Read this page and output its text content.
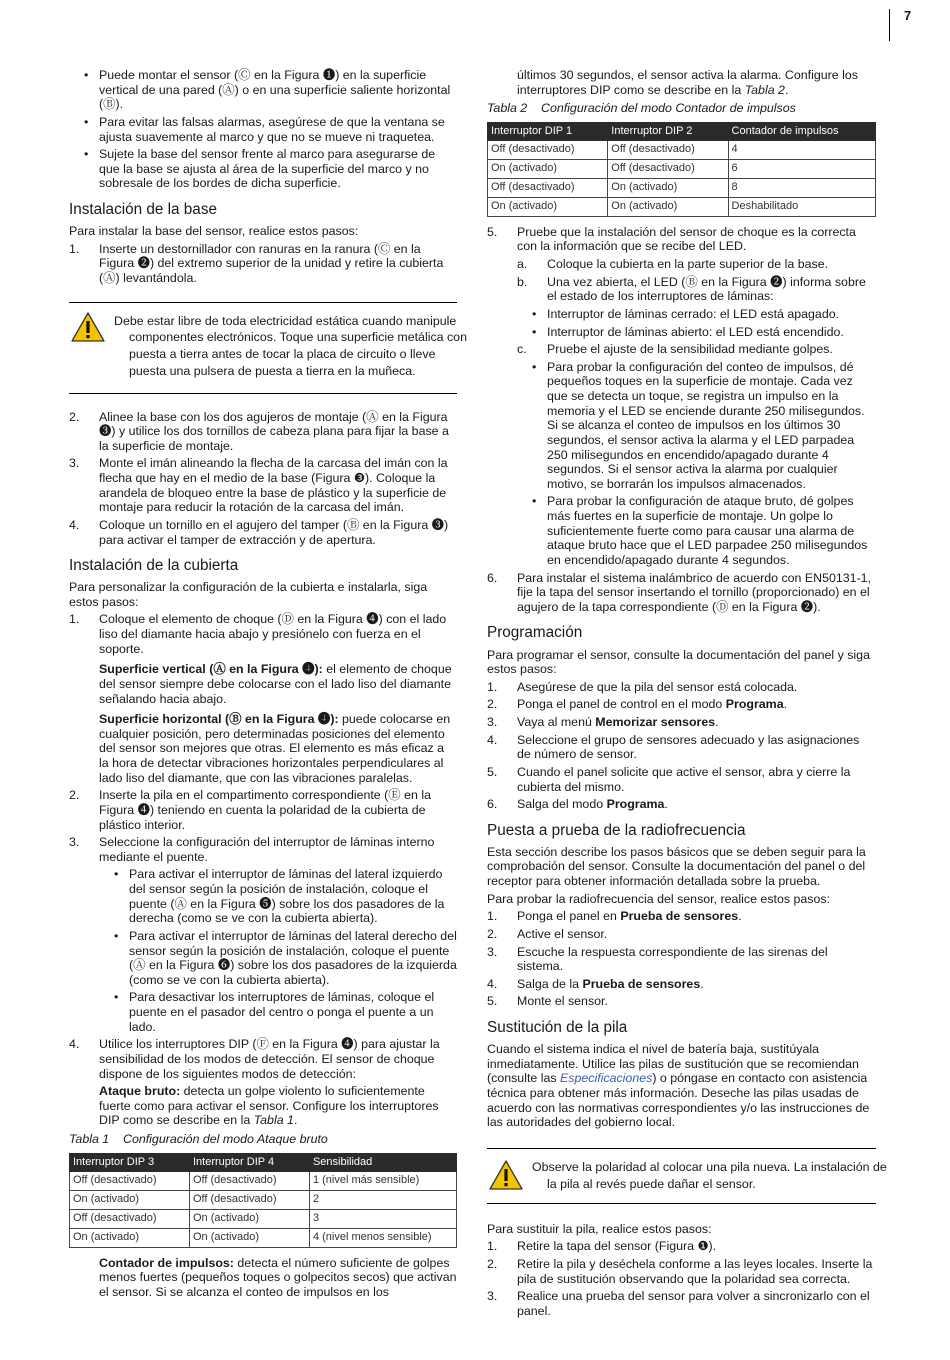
7
• Puede montar el sensor (Ⓒ en la Figura ❶) en la superficie vertical de una pared (Ⓐ) o en una superficie saliente horizontal (Ⓑ).
• Para evitar las falsas alarmas, asegúrese de que la ventana se ajusta suavemente al marco y que no se mueve ni traquetea.
• Sujete la base del sensor frente al marco para asegurarse de que la base se ajusta al área de la superficie del marco y no sobresale de los bordes de dicha superficie.
Instalación de la base

Para instalar la base del sensor, realice estos pasos:

1. Inserte un destornillador con ranuras en la ranura (Ⓒ en la Figura ❷) del extremo superior de la unidad y retire la cubierta (Ⓐ) levantándola.
Debe estar libre de toda electricidad estática cuando manipule componentes electrónicos. Toque una superficie metálica con puesta a tierra antes de tocar la placa de circuito o lleve puesta una pulsera de puesta a tierra en la muñeca.
2. Alinee la base con los dos agujeros de montaje (Ⓐ en la Figura ❸) y utilice los dos tornillos de cabeza plana para fijar la base a la superficie de montaje.
3. Monte el imán alineando la flecha de la carcasa del imán con la flecha que hay en el medio de la base (Figura ❸). Coloque la arandela de bloqueo entre la base de plástico y la superficie de montaje para reducir la rotación de la carcasa del imán.
4. Coloque un tornillo en el agujero del tamper (Ⓑ en la Figura ❸) para activar el tamper de extracción y de apertura.
Instalación de la cubierta

Para personalizar la configuración de la cubierta e instalarla, siga estos pasos:

1. Coloque el elemento de choque (Ⓓ en la Figura ❹) con el lado liso del diamante hacia abajo y presiónelo con fuerza en el soporte.

Superficie vertical (Ⓐ en la Figura ❹): el elemento de choque del sensor siempre debe colocarse con el lado liso del diamante señalando hacia abajo.

Superficie horizontal (Ⓑ en la Figura ❹): puede colocarse en cualquier posición, pero determinadas posiciones del elemento del sensor son mejores que otras. El elemento es más eficaz a la hora de detectar vibraciones horizontales perpendiculares al lado liso del diamante, que con las vibraciones paralelas.

2. Inserte la pila en el compartimento correspondiente (Ⓔ en la Figura ❹) teniendo en cuenta la polaridad de la cubierta de plástico interior.
3. Seleccione la configuración del interruptor de láminas interno mediante el puente.
• Para activar el interruptor de láminas del lateral izquierdo del sensor según la posición de instalación, coloque el puente (Ⓐ en la Figura ❺) sobre los dos pasadores de la derecha (como se ve con la cubierta abierta).
• Para activar el interruptor de láminas del lateral derecho del sensor según la posición de instalación, coloque el puente (Ⓐ en la Figura ❻) sobre los dos pasadores de la izquierda (como se ve con la cubierta abierta).
• Para desactivar los interruptores de láminas, coloque el puente en el pasador del centro o ponga el puente a un lado.
4. Utilice los interruptores DIP (Ⓕ en la Figura ❹) para ajustar la sensibilidad de los modos de detección. El sensor de choque dispone de los siguientes modos de detección:

Ataque bruto: detecta un golpe violento lo suficientemente fuerte como para activar el sensor. Configure los interruptores DIP como se describe en la Tabla 1.

Tabla 1 Configuración del modo Ataque bruto
Interruptor DIP 3	Interruptor DIP 4	Sensibilidad
Off (desactivado)	Off (desactivado)	1 (nivel más sensible)
On (activado)	Off (desactivado)	2
Off (desactivado)	On (activado)	3
On (activado)	On (activado)	4 (nivel menos sensible)

Contador de impulsos: detecta el número suficiente de golpes menos fuertes (pequeños toques o golpecitos secos) que activan el sensor. Si se alcanza el conteo de impulsos en los

últimos 30 segundos, el sensor activa la alarma. Configure los interruptores DIP como se describe en la Tabla 2.

Tabla 2 Configuración del modo Contador de impulsos
Interruptor DIP 1	Interruptor DIP 2	Contador de impulsos
Off (desactivado)	Off (desactivado)	4
On (activado)	Off (desactivado)	6
Off (desactivado)	On (activado)	8
On (activado)	On (activado)	Deshabilitado
5. Pruebe que la instalación del sensor de choque es la correcta con la información que se recibe del LED.
a. Coloque la cubierta en la parte superior de la base.
b. Una vez abierta, el LED (Ⓑ en la Figura ❷) informa sobre el estado de los interruptores de láminas:
• Interruptor de láminas cerrado: el LED está apagado.
• Interruptor de láminas abierto: el LED está encendido.
c. Pruebe el ajuste de la sensibilidad mediante golpes.
• Para probar la configuración del conteo de impulsos, dé pequeños toques en la superficie de montaje. Cada vez que se detecta un toque, se registra un impulso en la memoria y el LED se enciende durante 250 milisegundos. Si se alcanza el conteo de impulsos en los últimos 30 segundos, el sensor activa la alarma y el LED parpadea 250 milisegundos en encendido/apagado durante 4 segundos. Si el sensor activa la alarma por cualquier motivo, se borrarán los impulsos almacenados.
• Para probar la configuración de ataque bruto, dé golpes más fuertes en la superficie de montaje. Un golpe lo suficientemente fuerte como para causar una alarma de ataque bruto hace que el LED parpadee 250 milisegundos en encendido/apagado durante 4 segundos.
6. Para instalar el sistema inalámbrico de acuerdo con EN50131-1, fije la tapa del sensor insertando el tornillo (proporcionado) en el agujero de la tapa correspondiente (Ⓓ en la Figura ❷).
Programación

Para programar el sensor, consulte la documentación del panel y siga estos pasos:

1. Asegúrese de que la pila del sensor está colocada.
2. Ponga el panel de control en el modo Programa.
3. Vaya al menú Memorizar sensores.
4. Seleccione el grupo de sensores adecuado y las asignaciones de número de sensor.
5. Cuando el panel solicite que active el sensor, abra y cierre la cubierta del mismo.
6. Salga del modo Programa.
Puesta a prueba de la radiofrecuencia

Esta sección describe los pasos básicos que se deben seguir para la comprobación del sensor. Consulte la documentación del panel o del receptor para obtener información detallada sobre la prueba.

Para probar la radiofrecuencia del sensor, realice estos pasos:

1. Ponga el panel en Prueba de sensores.
2. Active el sensor.
3. Escuche la respuesta correspondiente de las sirenas del sistema.
4. Salga de la Prueba de sensores.
5. Monte el sensor.
Sustitución de la pila

Cuando el sistema indica el nivel de batería baja, sustitúyala inmediatamente. Utilice las pilas de sustitución que se recomiendan (consulte las Especificaciones) o póngase en contacto con asistencia técnica para obtener más información. Deseche las pilas usadas de acuerdo con las normativas correspondientes y/o las instrucciones de las autoridades del gobierno local.

Observe la polaridad al colocar una pila nueva. La instalación de la pila al revés puede dañar el sensor.

Para sustituir la pila, realice estos pasos:

1. Retire la tapa del sensor (Figura ❶).
2. Retire la pila y deséchela conforme a las leyes locales. Inserte la pila de sustitución observando que la polaridad sea correcta.
3. Realice una prueba del sensor para volver a sincronizarlo con el panel.
